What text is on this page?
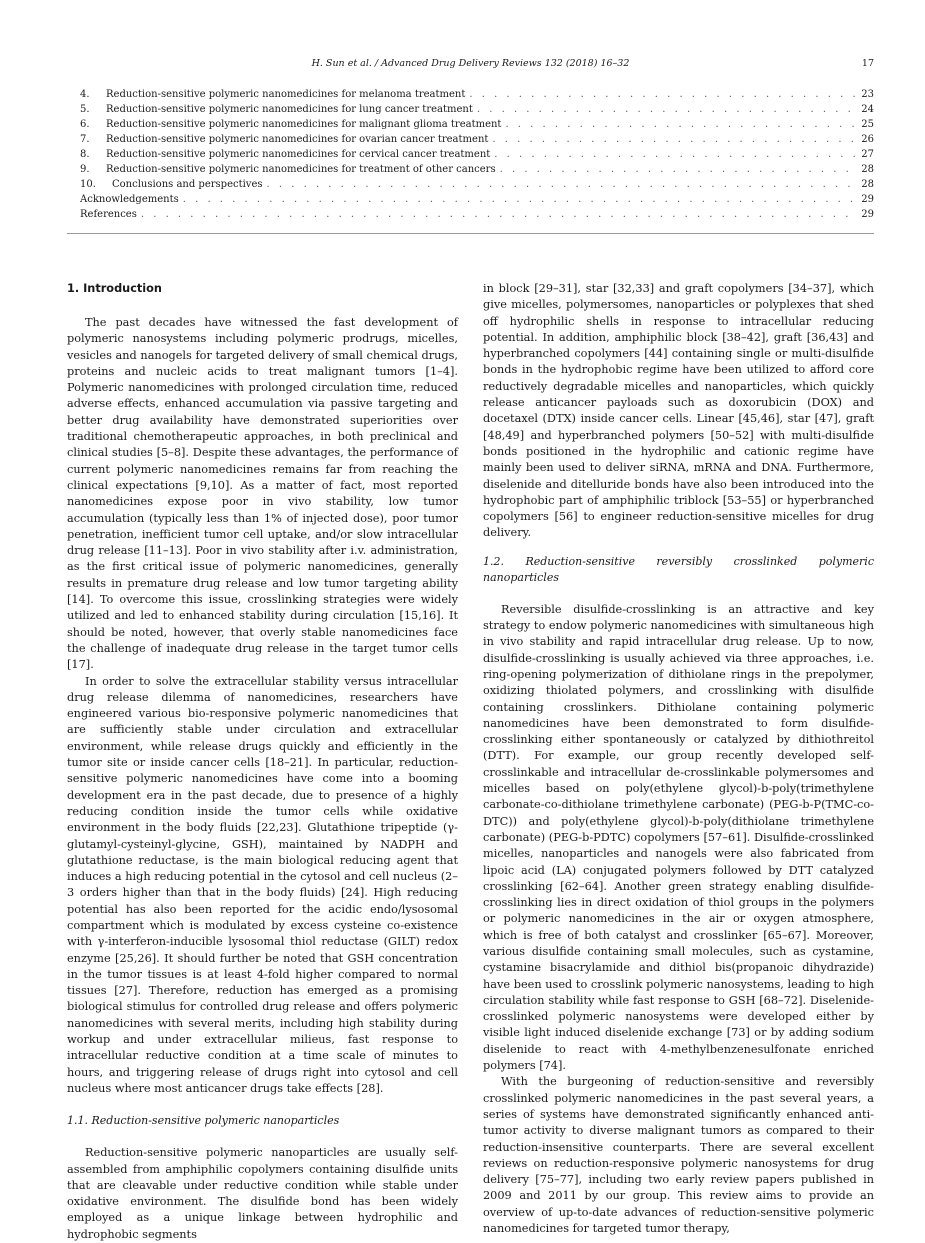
H. Sun et al. / Advanced Drug Delivery Reviews 132 (2018) 16–32	17
4.	Reduction-sensitive polymeric nanomedicines for melanoma treatment . . .	23
5.	Reduction-sensitive polymeric nanomedicines for lung cancer treatment . . .	24
6.	Reduction-sensitive polymeric nanomedicines for malignant glioma treatment . . .	25
7.	Reduction-sensitive polymeric nanomedicines for ovarian cancer treatment . . .	26
8.	Reduction-sensitive polymeric nanomedicines for cervical cancer treatment . . .	27
9.	Reduction-sensitive polymeric nanomedicines for treatment of other cancers . . .	28
10.	Conclusions and perspectives . . .	28
Acknowledgements . . .	29
References . . .	29
1. Introduction

The past decades have witnessed the fast development of polymeric nanosystems including polymeric prodrugs, micelles, vesicles and nanogels for targeted delivery of small chemical drugs, proteins and nucleic acids to treat malignant tumors [1–4]. Polymeric nanomedicines with prolonged circulation time, reduced adverse effects, enhanced accumulation via passive targeting and better drug availability have demonstrated superiorities over traditional chemotherapeutic approaches, in both preclinical and clinical studies [5–8]. Despite these advantages, the performance of current polymeric nanomedicines remains far from reaching the clinical expectations [9,10]. As a matter of fact, most reported nanomedicines expose poor in vivo stability, low tumor accumulation (typically less than 1% of injected dose), poor tumor penetration, inefficient tumor cell uptake, and/or slow intracellular drug release [11–13]. Poor in vivo stability after i.v. administration, as the first critical issue of polymeric nanomedicines, generally results in premature drug release and low tumor targeting ability [14]. To overcome this issue, crosslinking strategies were widely utilized and led to enhanced stability during circulation [15,16]. It should be noted, however, that overly stable nanomedicines face the challenge of inadequate drug release in the target tumor cells [17].

In order to solve the extracellular stability versus intracellular drug release dilemma of nanomedicines, researchers have engineered various bio-responsive polymeric nanomedicines that are sufficiently stable under circulation and extracellular environment, while release drugs quickly and efficiently in the tumor site or inside cancer cells [18–21]. In particular, reduction-sensitive polymeric nanomedicines have come into a booming development era in the past decade, due to presence of a highly reducing condition inside the tumor cells while oxidative environment in the body fluids [22,23]. Glutathione tripeptide (γ-glutamyl-cysteinyl-glycine, GSH), maintained by NADPH and glutathione reductase, is the main biological reducing agent that induces a high reducing potential in the cytosol and cell nucleus (2–3 orders higher than that in the body fluids) [24]. High reducing potential has also been reported for the acidic endo/lysosomal compartment which is modulated by excess cysteine co-existence with γ-interferon-inducible lysosomal thiol reductase (GILT) redox enzyme [25,26]. It should further be noted that GSH concentration in the tumor tissues is at least 4-fold higher compared to normal tissues [27]. Therefore, reduction has emerged as a promising biological stimulus for controlled drug release and offers polymeric nanomedicines with several merits, including high stability during workup and under extracellular milieus, fast response to intracellular reductive condition at a time scale of minutes to hours, and triggering release of drugs right into cytosol and cell nucleus where most anticancer drugs take effects [28].

1.1. Reduction-sensitive polymeric nanoparticles

Reduction-sensitive polymeric nanoparticles are usually self-assembled from amphiphilic copolymers containing disulfide units that are cleavable under reductive condition while stable under oxidative environment. The disulfide bond has been widely employed as a unique linkage between hydrophilic and hydrophobic segments

in block [29–31], star [32,33] and graft copolymers [34–37], which give micelles, polymersomes, nanoparticles or polyplexes that shed off hydrophilic shells in response to intracellular reducing potential. In addition, amphiphilic block [38–42], graft [36,43] and hyperbranched copolymers [44] containing single or multi-disulfide bonds in the hydrophobic regime have been utilized to afford core reductively degradable micelles and nanoparticles, which quickly release anticancer payloads such as doxorubicin (DOX) and docetaxel (DTX) inside cancer cells. Linear [45,46], star [47], graft [48,49] and hyperbranched polymers [50–52] with multi-disulfide bonds positioned in the hydrophilic and cationic regime have mainly been used to deliver siRNA, mRNA and DNA. Furthermore, diselenide and ditelluride bonds have also been introduced into the hydrophobic part of amphiphilic triblock [53–55] or hyperbranched copolymers [56] to engineer reduction-sensitive micelles for drug delivery.

1.2. Reduction-sensitive reversibly crosslinked polymeric nanoparticles

Reversible disulfide-crosslinking is an attractive and key strategy to endow polymeric nanomedicines with simultaneous high in vivo stability and rapid intracellular drug release. Up to now, disulfide-crosslinking is usually achieved via three approaches, i.e. ring-opening polymerization of dithiolane rings in the prepolymer, oxidizing thiolated polymers, and crosslinking with disulfide containing crosslinkers. Dithiolane containing polymeric nanomedicines have been demonstrated to form disulfide-crosslinking either spontaneously or catalyzed by dithiothreitol (DTT). For example, our group recently developed self-crosslinkable and intracellular de-crosslinkable polymersomes and micelles based on poly(ethylene glycol)-b-poly(trimethylene carbonate-co-dithiolane trimethylene carbonate) (PEG-b-P(TMC-co-DTC)) and poly(ethylene glycol)-b-poly(dithiolane trimethylene carbonate) (PEG-b-PDTC) copolymers [57–61]. Disulfide-crosslinked micelles, nanoparticles and nanogels were also fabricated from lipoic acid (LA) conjugated polymers followed by DTT catalyzed crosslinking [62–64]. Another green strategy enabling disulfide-crosslinking lies in direct oxidation of thiol groups in the polymers or polymeric nanomedicines in the air or oxygen atmosphere, which is free of both catalyst and crosslinker [65–67]. Moreover, various disulfide containing small molecules, such as cystamine, cystamine bisacrylamide and dithiol bis(propanoic dihydrazide) have been used to crosslink polymeric nanosystems, leading to high circulation stability while fast response to GSH [68–72]. Diselenide-crosslinked polymeric nanosystems were developed either by visible light induced diselenide exchange [73] or by adding sodium diselenide to react with 4-methylbenzenesulfonate enriched polymers [74].

With the burgeoning of reduction-sensitive and reversibly crosslinked polymeric nanomedicines in the past several years, a series of systems have demonstrated significantly enhanced anti-tumor activity to diverse malignant tumors as compared to their reduction-insensitive counterparts. There are several excellent reviews on reduction-responsive polymeric nanosystems for drug delivery [75–77], including two early review papers published in 2009 and 2011 by our group. This review aims to provide an overview of up-to-date advances of reduction-sensitive polymeric nanomedicines for targeted tumor therapy,
